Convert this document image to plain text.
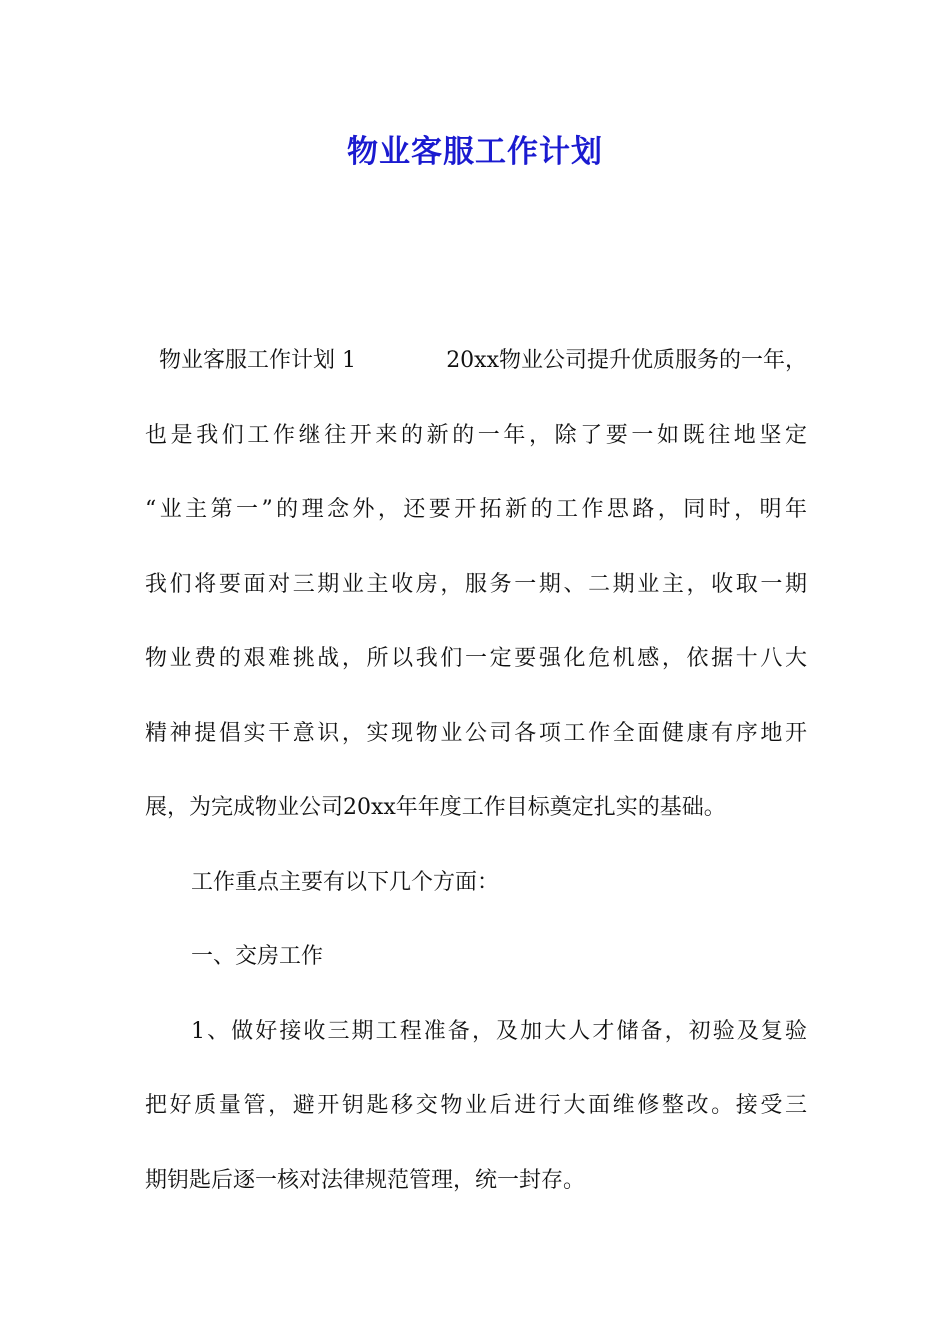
物业客服工作计划
物业客服工作计划 1	20xx物业公司提升优质服务的一年，
也是我们工作继往开来的新的一年，除了要一如既往地坚定
“业主第一”的理念外，还要开拓新的工作思路，同时，明年
我们将要面对三期业主收房，服务一期、二期业主，收取一期
物业费的艰难挑战，所以我们一定要强化危机感，依据十八大
精神提倡实干意识，实现物业公司各项工作全面健康有序地开
展，为完成物业公司20xx年年度工作目标奠定扎实的基础。
工作重点主要有以下几个方面：
一、交房工作
1、做好接收三期工程准备，及加大人才储备，初验及复验
把好质量管，避开钥匙移交物业后进行大面维修整改。接受三
期钥匙后逐一核对法律规范管理，统一封存。
